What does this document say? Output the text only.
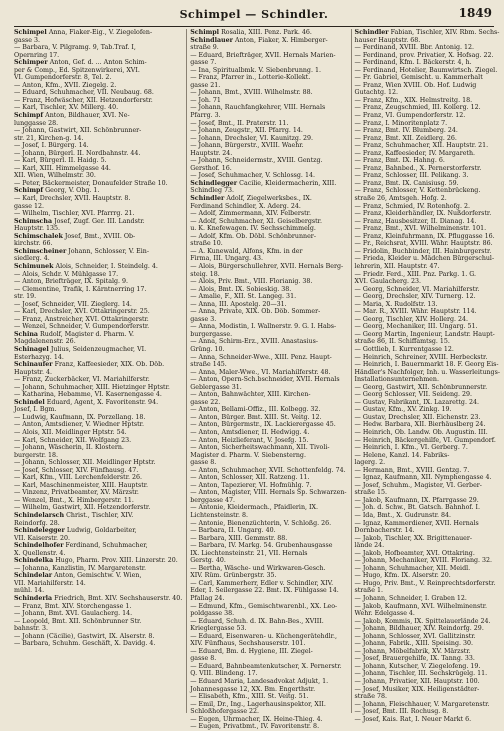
Schimpel — Schindler.	1849

Schimpel Anna, Fiaker-Eig., V. Ziegelofen-

gasse 3.

— Barbara, V. Pilgramg. 9, Tab.Traf. I,

Opernring 17.

Schimper Anton, Gef. d. ... Anton Schim-

per & Comp., Ed. Spitzenwirkerei, XVI.

VI. Gumpendorferstr. 8, Tel. 2.

— Anton, Kfm., XVII. Ziegelg. 2.

— Eduard, Schuhmacher, VII. Neubaug. 68.

— Franz, Hofwäscher, XII. Hetzendorferstr.

— Karl, Tischler, XV. Millerg. 40.

Schimpf Anton, Bildhauer, XVI. Ne-

lunggasse 28.

— Johann, Gastwirt, XII. Schönbrunner-

str. 21, Kirchen-g. 14.

— Josef, I. Bürgerg. 14.

— Johann, Bürgerl. II. Nordbahnstr. 44.

— Karl, Bürgerl. II. Haidg. 5.

— Karl, XIII. Himmelgasse 44.

XII. Wien, Wilhelmstr. 30.

— Peter, Bäckermeister, Donaufelder Straße 10.

Schimpf Georg, V. Obg. 1.

— Karl, Drechsler, XVII. Hauptstr. 8.

gasse 12.

— Wilhelm, Tischler, XVI. Pfarrrg. 21.

Schimscha Josef, Zugf. Ger. III. Landstr.

Hauptstr. 135.

Schimschalek Josef, Bmt., XVIII. Ob-

kirchstr. 66.

Schimscheiner Johann, Schlosser, V. Ein-

siedlerg. 4.

Schimunek Alois, Schneider, I. Steindelg. 4.

— Alois, Schdr. V. Mühlgasse 17.

— Anton, Briefträger, IX. Spitalg. 9.

— Clementine, Trafik, I. Kärntnerring 17.

str. 19.

— Josef, Schneider, VII. Zieglerg. 14.

— Karl, Drechsler, XVI. Ottakringerstr. 25.

— Franz, Anstreicher, XVI. Ottakringerstr.

— Wenzel, Schneider, V. Gumpendorferstr.

Schina Rudolf, Magister d. Pharm. V.

Magdalenenstr. 26.

Schinagel Julius, Seidenzeugmacher, VI.

Esterhazyg. 14.

Schinaufer Franz, Kaffeesieder, XIX. Ob. Döb.

Hauptstr. 4.

— Franz, Zuckerbäcker, VI. Mariahilferstr.

— Johann, Schuhmacher, XIII. Hietzinger Hptstr.

— Katharina, Hebamme, VI. Kasernengasse 4.

Schindel Eduard, Agent, X. Favoritenstr. 94.

Josef, I. Bgm.

— Ludwig, Kaufmann, IX. Porzellang. 18.

— Anton, Amtsdiener, V. Wiedner Hptstr.

— Alois, XII. Meidlinger Hptstr. 54.

— Karl, Schneider, XII. Wolfgang 23.

— Johann, Wäscherin, II. Klostern.

burgerstr. 18.

— Johann, Schlosser, XII. Meidlinger Hptstr.

— Josef, Schlosser, XIV. Fünfhausg. 47.

— Karl, Kfm., VIII. Lerchenfelderstr. 26.

— Karl, Maschinenmeister, XIII. Hauptstr.

— Vinzenz, Privatbeamter, XV. Märzstr.

— Wenzel, Bmt., X. Himbergerstr. 11.

— Wilhelm, Gastwirt, XII. Hetzendorferstr.

Schindelarsch Christ., Tischler, XIV.

Reindorfg. 28.

Schindelegger Ludwig, Goldarbeiter,

VII. Kaiserstr. 20.

Schindelhofer Ferdinand, Schuhmacher,

X. Quellenstr. 4.

Schindelka Hugo, Pharm. Prov. XIII. Linzerstr. 20.

— Johanna, Kanzlistin, IV. Margaretenstr.

Schindelar Anton, Gemischtw. V. Wien,

VII. Mariahilferstr. 14.

mühl. 14.

Schinderla Friedrich, Bmt. XIV. Sechshauserstr. 40.

— Franz, Bmt. XIV. Storchengasse 1.

— Johann, Bmt. XVI. Gaulacherg. 14.

— Leopold, Bmt. XII. Schönbrunner Str.

bahnstr. 3.

— Johann (Cäcilie), Gastwirt, IX. Alserstr. 8.

— Barbara, Schuhm. Geschäft, X. Davidg. 4.

Schimpl Rosalia, XIII. Penz. Park. 46.

Schindlauer Anton, Fiaker, X. Himberger-

straße 9.

— Eduard, Briefträger, XVII. Hernals Marien-

gasse 7.

— Ina, Spiritualbmk. V. Siebenbrunng. 1.

— Franz, Pfarrer in., Lotterie-Kollekt.

gasse 21.

— Johann, Bmt., XVIII. Wilhelmstr. 88.

— Joh. 71

— Johann, Rauchfangkehrer, VIII. Hernals

Pfarrg. 3.

— Josef, Bmt., II. Praterstr. 11.

— Johann, Zeugstr., XII. Pfarrg. 14.

— Johann, Drechsler, VI. Kaunitzg. 29.

— Johann, Bürgerstr., XVIII. Waehr.

Hauptstr. 24.

— Johann, Schneidermstr., XVIII. Gentzg.

Gersthof. 16.

— Josef, Schuhmacher, V. Schlossg. 14.

Schindlegger Cacilie, Kleidermacherin, XIII.

Schindleg 73.

Schindler Adolf, Ziegelwerksbes., IX.

Ferdinand Schindler, X. Aderg. 24.

— Adolf, Zimmermann, XIV. Felberstr.

— Adolf, Schuhmacher, XI. Geiselbergstr.

u. K. Knefewagen. IV. Sechsschimmelg.

— Adolf, Kfm. Ob. Döbl. Schönbrunner-

straße 10.

— A. Kunewald, Alfons, Kfm. in der

Firma, III. Ungarg. 43.

— Alois, Bürgerschullehrer, XVII. Hernals Berg-

steig. 18.

— Alois, Priv. Bmt., VIII. Florianig. 38.

— Alois, Bmt. IX. Sobieskig. 38.

— Amalie, F., XII. St. Langeg. 31.

— Anna, III. Apostelg. 20—31.

— Anna, Private, XIX. Ob. Döb. Sommer-

gasse 3.

— Anna, Modistin, I. Wallnerstr. 9. G. I. Habs-

burgergasse.

— Anna, Schirm-Erz., XVIII. Anastasius-

Grüng. 10.

— Anna, Schneider-Wwe., XIII. Penz. Haupt-

straße 145.

— Anna, Maler-Wwe., VI. Mariahilferstr. 48.

— Anton, Opern-Sch.bschneider, XVII. Hernals

Geblergasse 31.

— Anton, Bahnwächter, XIII. Kirchen-

gasse 22.

— Anton, Bellami-Offiz., III. Kolbegg. 32.

— Anton, Bürger. Bmt. XIII. St. Veitg. 12.

— Anton, Bürgermstr., IX. Lackierergasse 45.

— Anton, Amtsdiener, II. Hedwigg. 4.

— Anton, Heizlieferant, V. Josefg. 15.

— Anton, Sicherheitswachmann, XII. Tivoli-

Magister d. Pharm. V. Siebensterng.

gasse 8.

— Anton, Schuhmacher, XVII. Schottenfeldg. 74.

— Anton, Schlosser, XII. Ratzeng. 11.

— Anton, Tapezierer, VI. Hofmühlg. 7.

— Anton, Magister, VIII. Hernals Sp. Schwarzen-

berggasse 47.

— Antonie, Kleidermach., Pfaidlerin, IX.

Lichtensteinstr. 8.

— Antonie, Bienenzüchterin, V. Schloßg. 26.

— Barbara, II. Ungarg. 40.

— Barbara, XIII. Gemmstr. 88.

— Barbara, IV. Markg. 54. Grubenhausgasse

IX. Liechtensteinstr. 21, VII. Hernals

Gerstg. 40.

— Bertha, Wäsche- und Wirkwaren-Gesch.

XIV. Rüm. Grünbergstr. 35.

— Carl, Kammerherr, Edler v. Schindler, XIV.

Eder, I. Seilergasse 22. Bmt. IX. Fühlgasse 14.

Pfallag 24.

— Edmund, Kfm., Gemischtwarenbl., XX. Leo-

poldgasse 38.

— Eduard, Schuh. d. IX. Bahn-Bes., XVIII.

Krieglergasse 53.

— Eduard, Eisenwaren- u. Küchengerätehdlr.,

XIV. Fünfhaus, Sechshauserstr. 101.

— Eduard, Bm. d. Hygiene, III. Ziegel-

gasse 8.

— Eduard, Bahnbeamtenkutscher, X. Pernerstr.

Q. VIII. Blindeng. 17.

— Eduard Maria, Landesadvokat Adjukt, 1.

Johannesgasse 12, XX. Bm. Engerthstr.

— Elisabeth, Kfm., XIII. St. Veitg. 51.

— Emil, Dr., Ing., Lagerhausinspektor, XII.

Schloßhofergasse 22.

— Eugen, Uhrmacher, IX. Heine-Thieg. 4.

— Eugen, Privatbmt., IV. Favoritenstr. 8.

Schindler Fabian, Tischler, XIV. Rbm. Sechs-

hauser Hauptstr. 68.

— Ferdinand, XVIII. Bbr. Antonig. 12.

— Ferdinand, prov. Privatier, X. Hofsag. 22.

— Ferdinand, Kfm. I. Bäckerstr. 4, h.

— Ferdinand, Hotelier, Baumwirtsch. Ziegel.

— Fr. Gabriel, Gemischt. u. Kammerhalt

— Franz, Wien XVIII. Ob. Hof. Ludwig

Gutachtg. 12.

— Franz, Kfm., XIX. Helmstreitg. 18.

— Franz, Zeugschmied, III. Kollerg. 12.

— Franz, VI. Gumpendorferstr. 12.

— Franz, I. Minoritenplatz 7.

— Franz, Bmt. IV. Blumberg. 24.

— Franz, Bmt. XII. Zeidlerg. 26.

— Franz, Schuhmacher, XII. Hauptstr. 21.

— Franz, Kaffeesieder, IV. Margareth.

— Franz, Bmt. IX. Hahng. 6.

— Franz, Bahnbed., X. Pernerstorferstr.

— Franz, Schlosser, III. Pelikang. 3.

— Franz, Bmt. IX. Canisiusg. 59.

— Franz, Schlosser, V. Kettenbrückeng.

straße 26, Amtsgeh. Hofg. 2.

— Franz, Schmied, IV. Rotenhofg. 2.

— Franz, Kleiderhändler, IX. Nußdorferstr.

— Franz, Hausbesitzer, II. Dianag. 14.

— Franz, Bmt., XVI. Wilhelminenstr. 101.

— Franz, Kleinfuhrmann, IX. Pfluggasse 16.

— Fr., Reichsrat, XVIII. Währ. Hauptstr. 86.

— Fridolin, Buchbinder, III. Hainburgerstr.

— Frieda, Kleider u. Mädchen Bürgerschul-

lehrerin, XII. Hauptstr. 47.

— Friedr. Ferd., XIII. Pnz. Parkg. 1. G.

XVI. Gaulacherg. 23.

— Georg, Schneider, VI. Mariahilferstr.

— Georg, Drechsler, XIV. Turnerg. 12.

— Maria, X. Rudolfstr. 13.

— Mar. R., XVIII. Währ. Hauptstr. 114.

— Georg, Tischler, XIV. Hollerg. 24.

— Georg, Mechaniker, III. Ungarg. 51.

— Georg Martin, Ingenieur, Landstr. Haupt-

straße 86, II. Schiffamtsg. 15.

— Gottlieb, I. Kurrentgasse 12.

— Heinrich, Schreiner, XVIII. Herbeckstr.

— Heinrich, I. Bauernmarkt 18. F. Georg Eis-

Händler's Nachfolger, Inh. u. Wasserleitungs-

Installationsunternehmen.

— Georg, Gastwirt, XII. Schönbrunnerstr.

— Georg Schlosser, VII. Seideng. 29.

— Gustav, Fabrikant, IX. Lazarettg. 24.

— Gustav, Kfm., XV. Zinkg. 19.

— Gustav, Drechsler, XII. Eichenstr. 23.

— Hedw. Barbara, XII. Bierhäuslberg 24.

— Heinrich, Ob. Landw. Ob. Augustin. III.

— Heinrich, Bäckergehilfe, VI. Gumpendorf.

— Heinrich, I. Kfm., VI. Gerberg. 7.

— Helene, Kanzl. 14. Fabriks-

lagerg. 2.

— Hermann, Bmt., XVIII. Gentzg. 7.

— Ignaz, Kaufmann, XII. Nymphengasse 4.

— Josef, Schuhm., Magister, VI. Gerber-

straße 15.

— Jakob, Kaufmann, IX. Pfarrgasse 29.

— Joh. d. Schw., Bt. Gatsch. Bahnhof. I.

— Ida, Bmt., X. Gudrunstr. 84.

— Ignaz, Kammerdiener, XVII. Hernals

Dornbacherstr. 14.

— Jakob, Tischler, XX. Brigittenauer-

lände 24.

— Jakob, Hofbeamter, XVI. Ottakring.

— Johann, Mechaniker, XVIII. Floriang. 32.

— Johann, Schuhmacher, XII. Meidl.

— Hugo, Kfm. IX. Alserstr. 20.

— Hugo, Priv. Bmt., V. Reinprechtsdorferstr.

straße 1.

— Johann, Schneider, I. Graben 12.

— Jakob, Kaufmann, XVI. Wilhelminenstr.

Wehr. Edelgasse 4.

— Jakob, Kommis, IX. Spittelauerlände 24.

— Johann, Bildhauer, XIV. Reindorfg. 29.

— Johann, Schlosser, XVI. Gallitzinstr.

— Johann, Fabrik., XIII. Speising. 30.

— Johann, Möbelfabrik, XV. Märzstr.

— Josef, Brauergehilfe, IX. Tanng. 33.

— Johann, Kutscher, V. Ziegelofeng. 19.

— Johann, Tischler, III. Sechskrügelg. 11.

— Johann, Privatier, XII. Hauptstr. 100.

— Josef, Musiker, XIX. Heiligenstädter-

straße 78.

— Johann, Fleischhauer, V. Margaretenstr.

— Josef, Bmt. III. Rochusg. 8.

— Josef, Kais. Rat, I. Neuer Markt 6.
